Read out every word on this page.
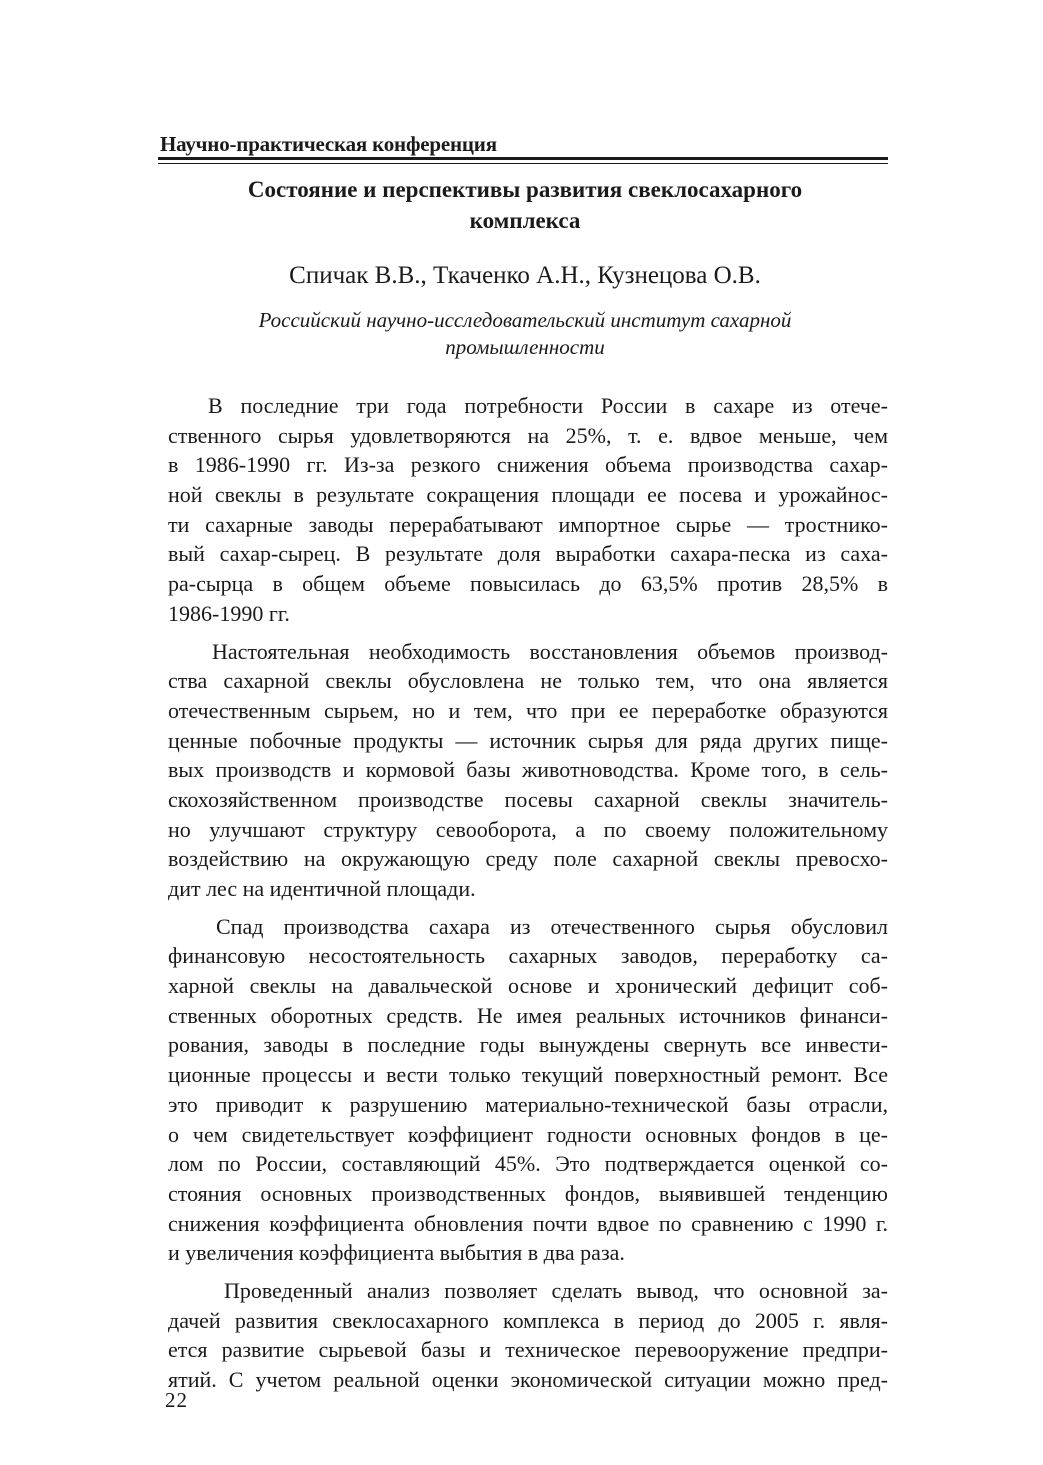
Научно-практическая конференция
Состояние и перспективы развития свеклосахарного
комплекса
Спичак В.В., Ткаченко А.Н., Кузнецова О.В.
Российский научно-исследовательский институт сахарной
промышленности
В последние три года потребности России в сахаре из отече-
ственного сырья удовлетворяются на 25%, т. е. вдвое меньше, чем
в 1986-1990 гг. Из-за резкого снижения объема производства сахар-
ной свеклы в результате сокращения площади ее посева и урожайнос-
ти сахарные заводы перерабатывают импортное сырье — тростнико-
вый сахар-сырец. В результате доля выработки сахара-песка из саха-
ра-сырца в общем объеме повысилась до 63,5% против 28,5% в
1986-1990 гг.
Настоятельная необходимость восстановления объемов производ-
ства сахарной свеклы обусловлена не только тем, что она является
отечественным сырьем, но и тем, что при ее переработке образуются
ценные побочные продукты — источник сырья для ряда других пище-
вых производств и кормовой базы животноводства. Кроме того, в сель-
скохозяйственном производстве посевы сахарной свеклы значитель-
но улучшают структуру севооборота, а по своему положительному
воздействию на окружающую среду поле сахарной свеклы превосхо-
дит лес на идентичной площади.
Спад производства сахара из отечественного сырья обусловил
финансовую несостоятельность сахарных заводов, переработку са-
харной свеклы на давальческой основе и хронический дефицит соб-
ственных оборотных средств. Не имея реальных источников финанси-
рования, заводы в последние годы вынуждены свернуть все инвести-
ционные процессы и вести только текущий поверхностный ремонт. Все
это приводит к разрушению материально-технической базы отрасли,
о чем свидетельствует коэффициент годности основных фондов в це-
лом по России, составляющий 45%. Это подтверждается оценкой со-
стояния основных производственных фондов, выявившей тенденцию
снижения коэффициента обновления почти вдвое по сравнению с 1990 г.
и увеличения коэффициента выбытия в два раза.
Проведенный анализ позволяет сделать вывод, что основной за-
дачей развития свеклосахарного комплекса в период до 2005 г. явля-
ется развитие сырьевой базы и техническое перевооружение предпри-
ятий. С учетом реальной оценки экономической ситуации можно пред-
22
